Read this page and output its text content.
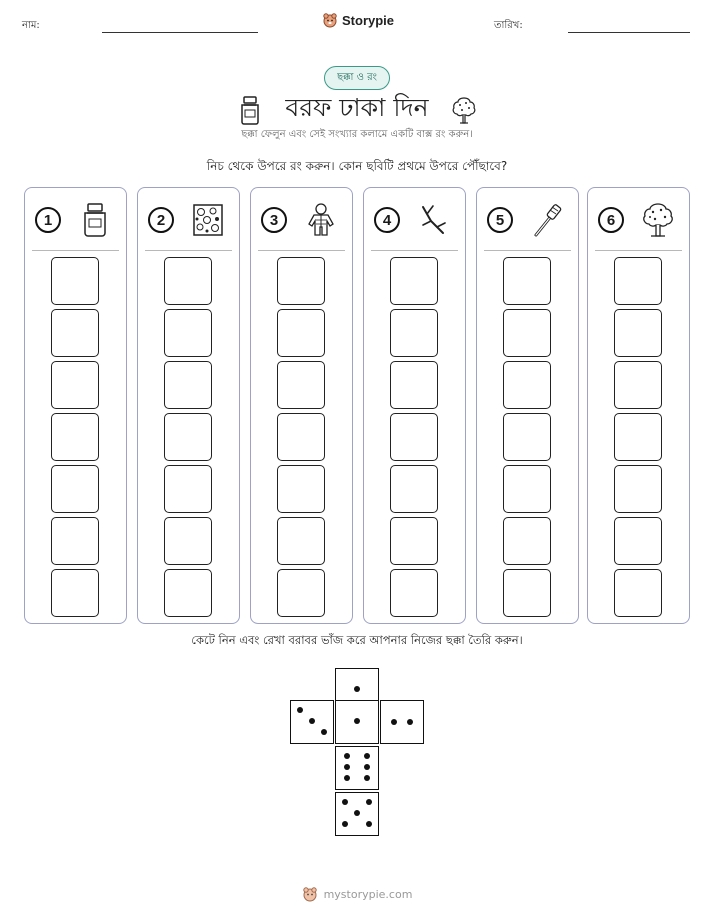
নাম:	Storypie	তারিখ:
ছক্কা ও রং
বরফ ঢাকা দিন
ছক্কা ফেলুন এবং সেই সংখ্যার কলামে একটি বাক্স রং করুন।
নিচ থেকে উপরে রং করুন। কোন ছবিটি প্রথমে উপরে পৌঁছাবে?
1	2	3	4	5	6
কেটে নিন এবং রেখা বরাবর ভাঁজ করে আপনার নিজের ছক্কা তৈরি করুন।
mystorypie.com
